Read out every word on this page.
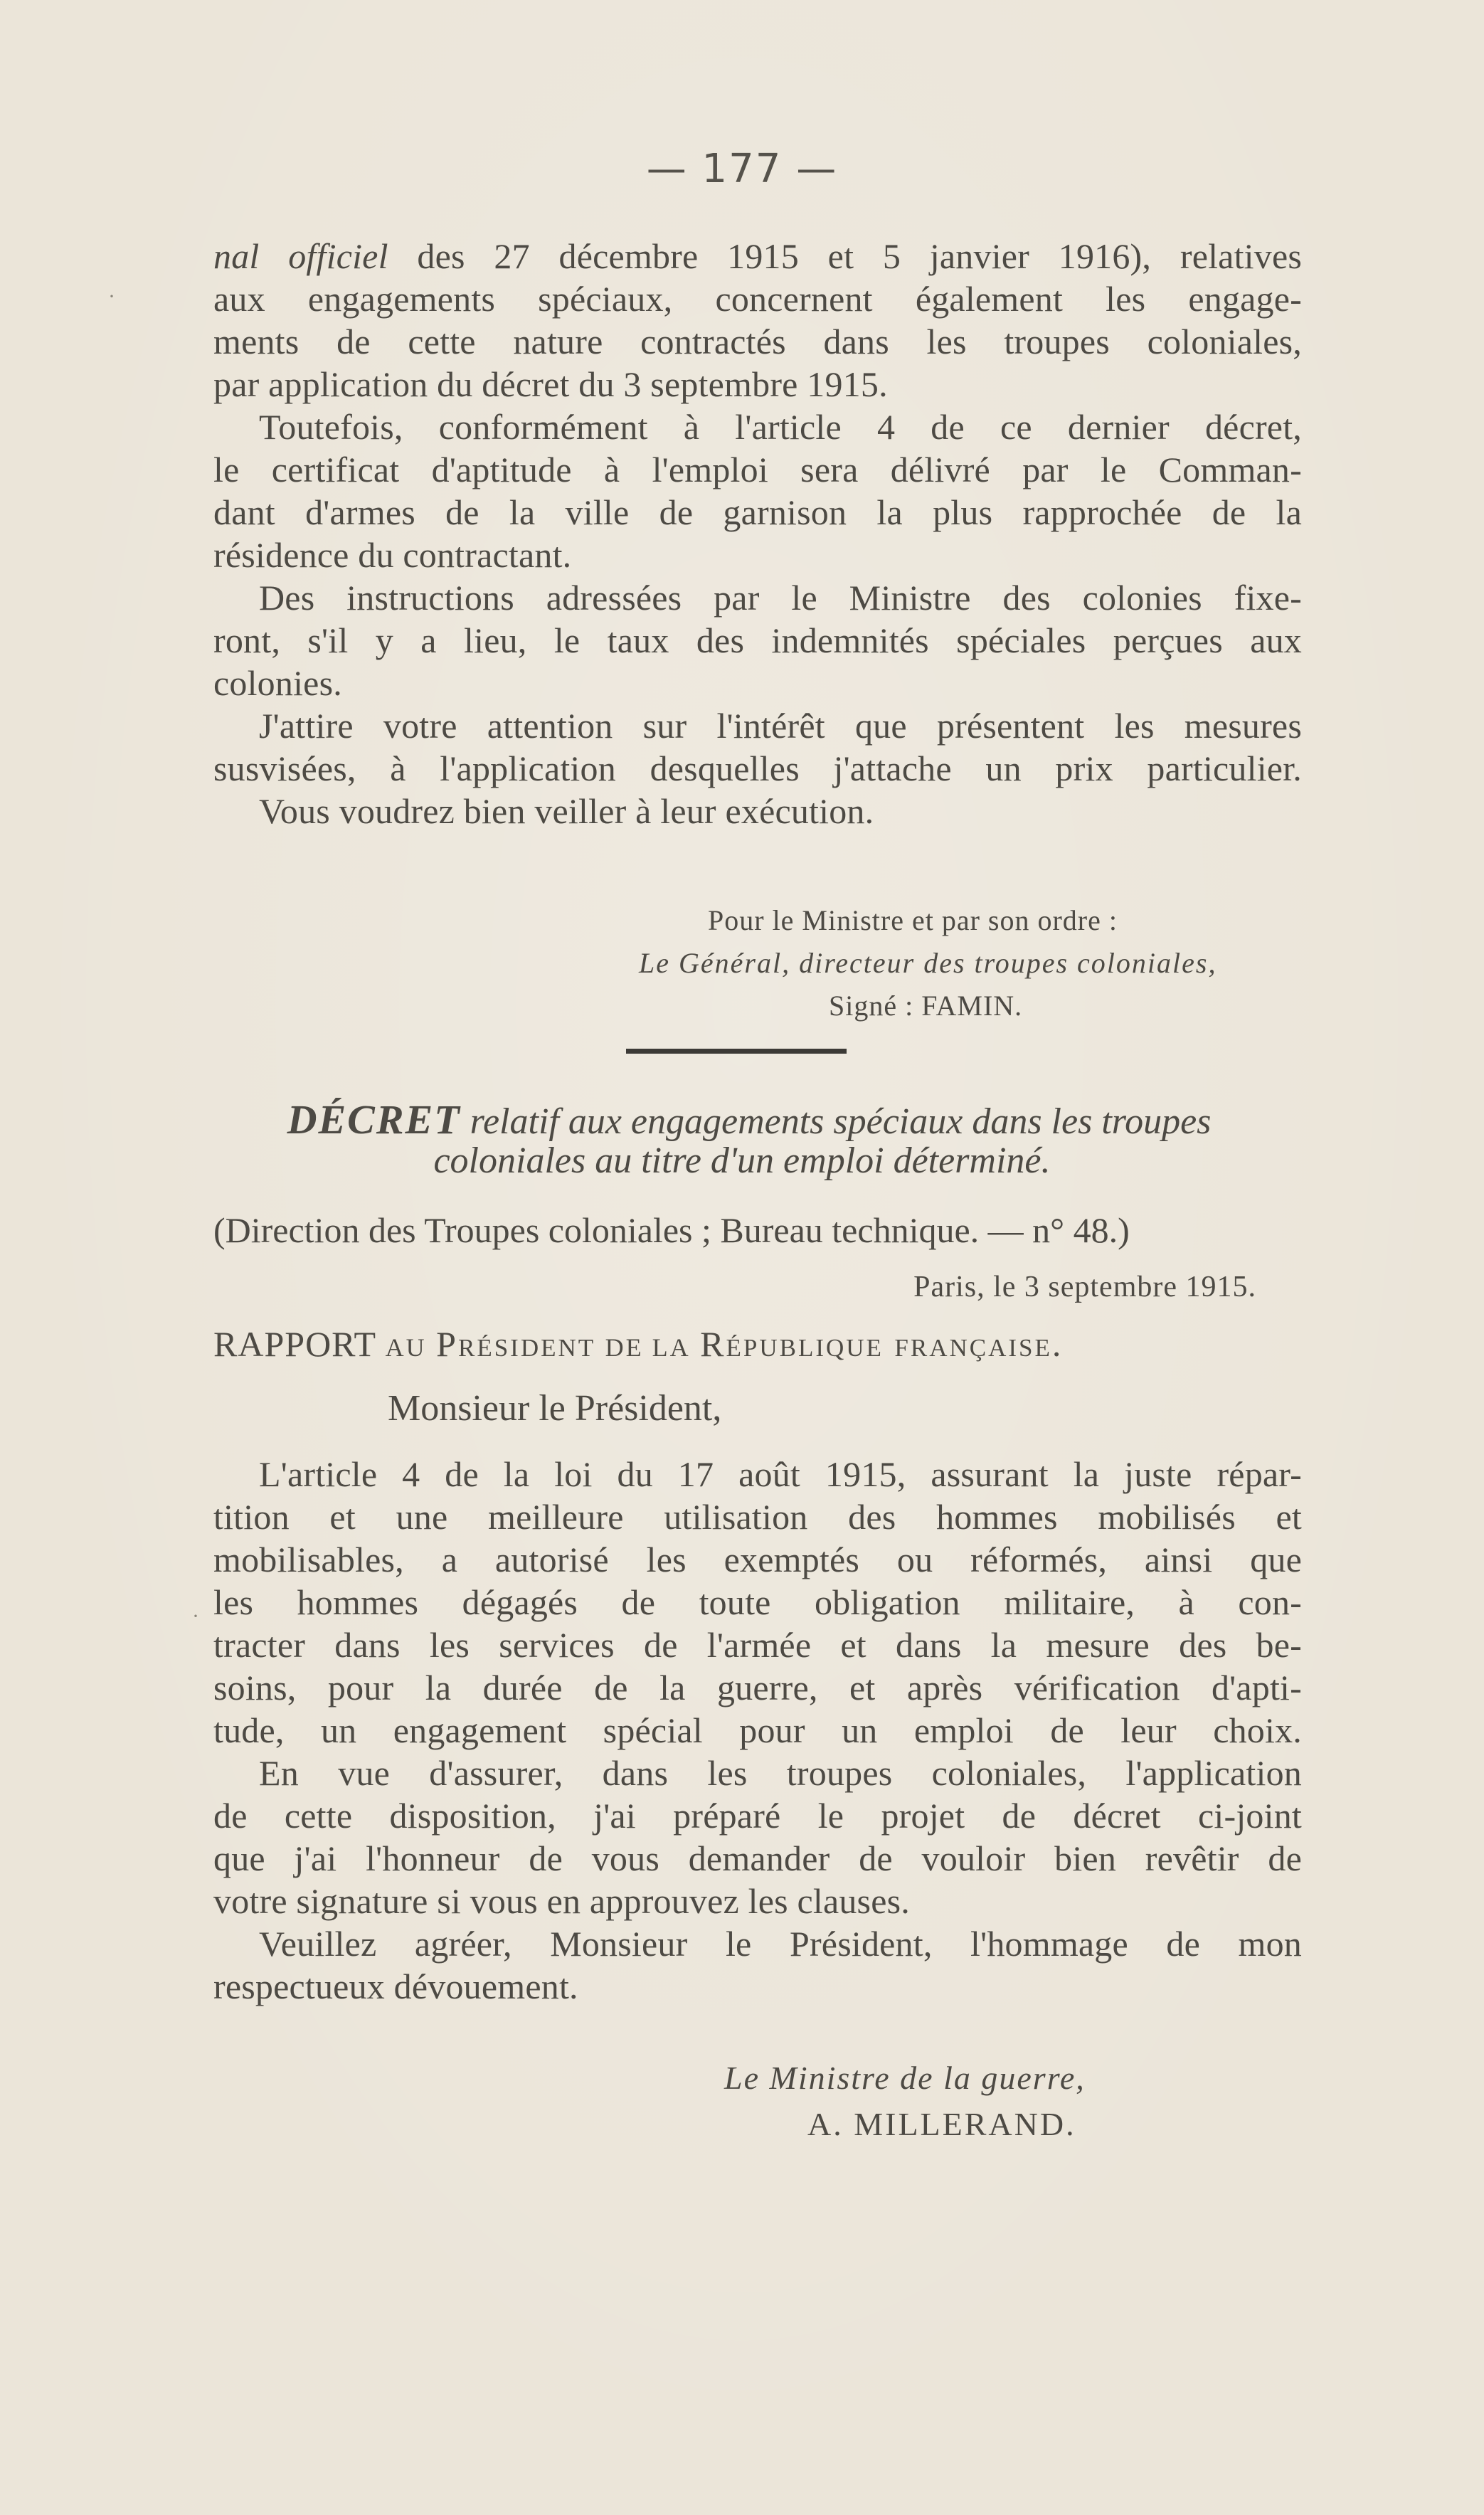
— 177 —
nal officiel des 27 décembre 1915 et 5 janvier 1916), relatives
aux engagements spéciaux, concernent également les engage-
ments de cette nature contractés dans les troupes coloniales,
par application du décret du 3 septembre 1915.
Toutefois, conformément à l'article 4 de ce dernier décret,
le certificat d'aptitude à l'emploi sera délivré par le Comman-
dant d'armes de la ville de garnison la plus rapprochée de la
résidence du contractant.
Des instructions adressées par le Ministre des colonies fixe-
ront, s'il y a lieu, le taux des indemnités spéciales perçues aux
colonies.
J'attire votre attention sur l'intérêt que présentent les mesures
susvisées, à l'application desquelles j'attache un prix particulier.
Vous voudrez bien veiller à leur exécution.
Pour le Ministre et par son ordre :
Le Général, directeur des troupes coloniales,
Signé : FAMIN.
DÉCRET relatif aux engagements spéciaux dans les troupes
coloniales au titre d'un emploi déterminé.
(Direction des Troupes coloniales ; Bureau technique. — n° 48.)
Paris, le 3 septembre 1915.
RAPPORT AU Président DE LA République française.
Monsieur le Président,
L'article 4 de la loi du 17 août 1915, assurant la juste répar-
tition et une meilleure utilisation des hommes mobilisés et
mobilisables, a autorisé les exemptés ou réformés, ainsi que
les hommes dégagés de toute obligation militaire, à con-
tracter dans les services de l'armée et dans la mesure des be-
soins, pour la durée de la guerre, et après vérification d'apti-
tude, un engagement spécial pour un emploi de leur choix.
En vue d'assurer, dans les troupes coloniales, l'application
de cette disposition, j'ai préparé le projet de décret ci-joint
que j'ai l'honneur de vous demander de vouloir bien revêtir de
votre signature si vous en approuvez les clauses.
Veuillez agréer, Monsieur le Président, l'hommage de mon
respectueux dévouement.
Le Ministre de la guerre,
A. MILLERAND.
·
·
